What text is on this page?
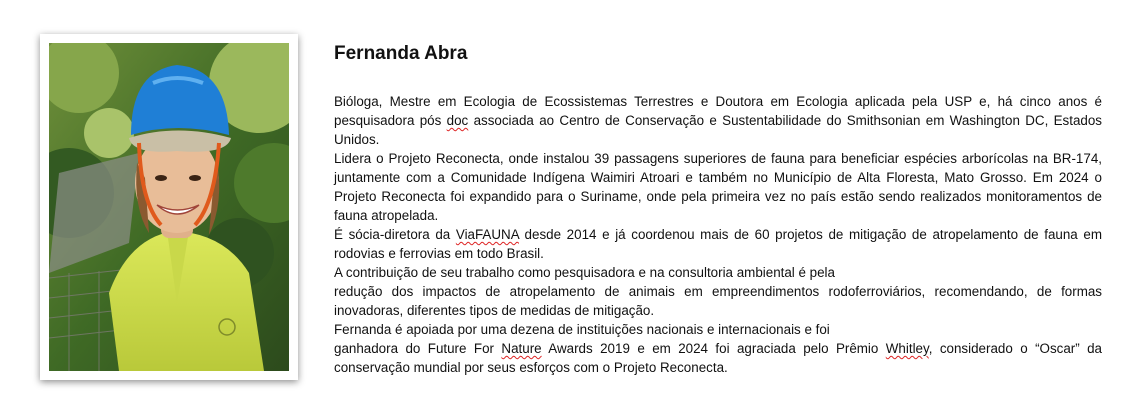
Fernanda Abra

Bióloga, Mestre em Ecologia de Ecossistemas Terrestres e Doutora em Ecologia aplicada pela USP e, há cinco anos é pesquisadora pós doc associada ao Centro de Conservação e Sustentabilidade do Smithsonian em Washington DC, Estados Unidos.

Lidera o Projeto Reconecta, onde instalou 39 passagens superiores de fauna para beneficiar espécies arborícolas na BR-174, juntamente com a Comunidade Indígena Waimiri Atroari e também no Município de Alta Floresta, Mato Grosso. Em 2024 o Projeto Reconecta foi expandido para o Suriname, onde pela primeira vez no país estão sendo realizados monitoramentos de fauna atropelada.

É sócia-diretora da ViaFAUNA desde 2014 e já coordenou mais de 60 projetos de mitigação de atropelamento de fauna em rodovias e ferrovias em todo Brasil.

A contribuição de seu trabalho como pesquisadora e na consultoria ambiental é pela

redução dos impactos de atropelamento de animais em empreendimentos rodoferroviários, recomendando, de formas inovadoras, diferentes tipos de medidas de mitigação.

Fernanda é apoiada por uma dezena de instituições nacionais e internacionais e foi

ganhadora do Future For Nature Awards 2019 e em 2024 foi agraciada pelo Prêmio Whitley, considerado o “Oscar” da conservação mundial por seus esforços com o Projeto Reconecta.
